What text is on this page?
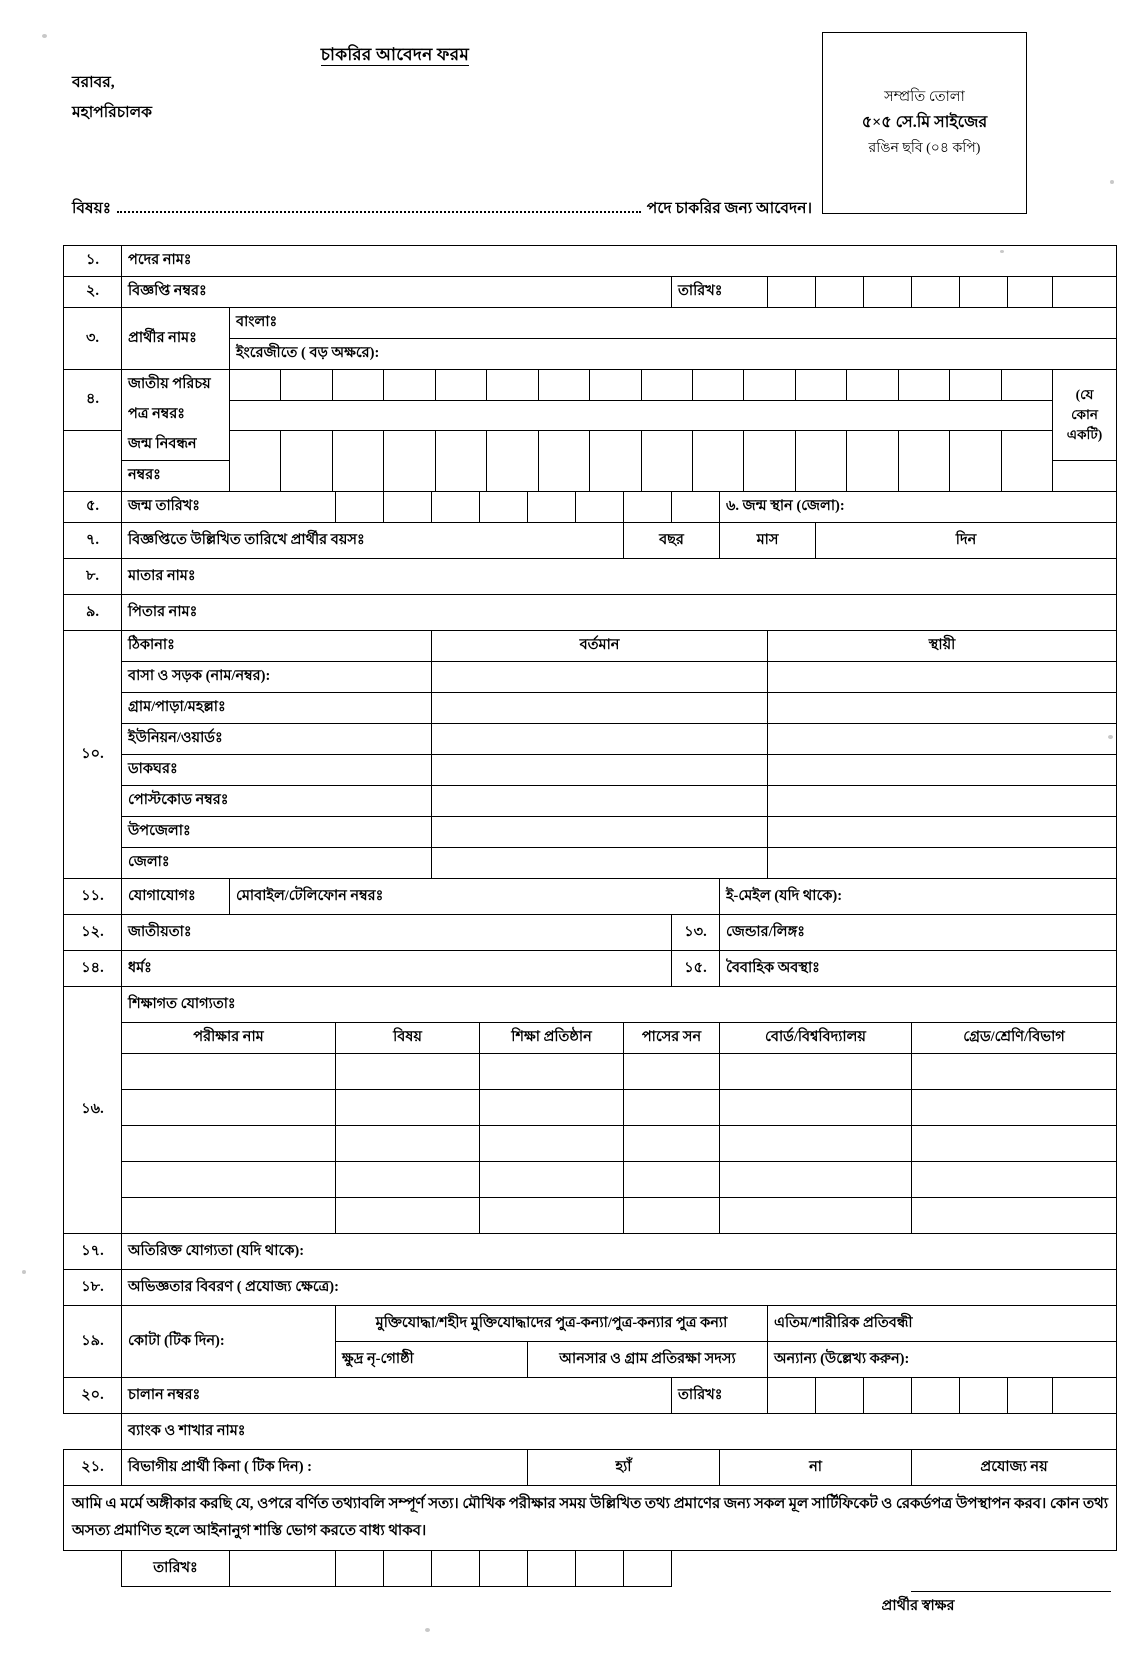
চাকরির আবেদন ফরম
বরাবর,
মহাপরিচালক
সম্প্রতি তোলা
৫×৫ সে.মি সাইজের
রঙিন ছবি (০৪ কপি)
বিষয়ঃ	পদে চাকরির জন্য আবেদন।
১.	পদের নামঃ																	
২.	বিজ্ঞপ্তি নম্বরঃ									তারিখঃ								
৩.	প্রার্থীর নামঃ	বাংলাঃ																
		ইংরেজীতে ( বড় অক্ষরে):																
৪.	জাতীয় পরিচয়																	(যে
কোন
একটি)
	পত্র নম্বরঃ																	
	জন্ম নিবন্ধন																	

	নম্বরঃ																	
৫.	জন্ম তারিখঃ										৬. জন্ম স্থান (জেলা):							
৭.	বিজ্ঞপ্তিতে উল্লিখিত তারিখে প্রার্থীর বয়সঃ								বছর		মাস		দিন					
৮.	মাতার নামঃ																	
৯.	পিতার নামঃ																	
১০.	ঠিকানাঃ				বর্তমান							স্থায়ী						
	বাসা ও সড়ক (নাম/নম্বর):																	
	গ্রাম/পাড়া/মহল্লাঃ																	
	ইউনিয়ন/ওয়ার্ডঃ																	
	ডাকঘরঃ																	
	পোস্টকোড নম্বরঃ																	
	উপজেলাঃ																	
	জেলাঃ																	
১১.	যোগাযোগঃ	মোবাইল/টেলিফোন নম্বরঃ									ই-মেইল (যদি থাকে):							
১২.	জাতীয়তাঃ									১৩.	জেন্ডার/লিঙ্গঃ							
১৪.	ধর্মঃ									১৫.	বৈবাহিক অবস্থাঃ							
১৬.	শিক্ষাগত যোগ্যতাঃ																	
	পরীক্ষার নাম		বিষয়			শিক্ষা প্রতিষ্ঠান			পাসের সন		বোর্ড/বিশ্ববিদ্যালয়				গ্রেড/শ্রেণি/বিভাগ			

১৭.	অতিরিক্ত যোগ্যতা (যদি থাকে):																	
১৮.	অভিজ্ঞতার বিবরণ ( প্রযোজ্য ক্ষেত্রে):																	
১৯.	কোটা (টিক দিন):		মুক্তিযোদ্ধা/শহীদ মুক্তিযোদ্ধাদের পুত্র-কন্যা/পুত্র-কন্যার পুত্র কন্যা									এতিম/শারীরিক প্রতিবন্ধী						
			ক্ষুদ্র নৃ-গোষ্ঠী				আনসার ও গ্রাম প্রতিরক্ষা সদস্য					অন্যান্য (উল্লেখ্য করুন):						
২০.	চালান নম্বরঃ									তারিখঃ								
	ব্যাংক ও শাখার নামঃ																	
২১.	বিভাগীয় প্রার্থী কিনা ( টিক দিন) :						হ্যাঁ				না				প্রযোজ্য নয়			
আমি এ মর্মে অঙ্গীকার করছি যে, ওপরে বর্ণিত তথ্যাবলি সম্পূর্ণ সত্য। মৌখিক পরীক্ষার সময় উল্লিখিত তথ্য প্রমাণের জন্য সকল মূল সার্টিফিকেট ও রেকর্ডপত্র উপস্থাপন করব। কোন তথ্য অসত্য প্রমাণিত হলে আইনানুগ শাস্তি ভোগ করতে বাধ্য থাকব।																		
	তারিখঃ																	

প্রার্থীর স্বাক্ষর							
